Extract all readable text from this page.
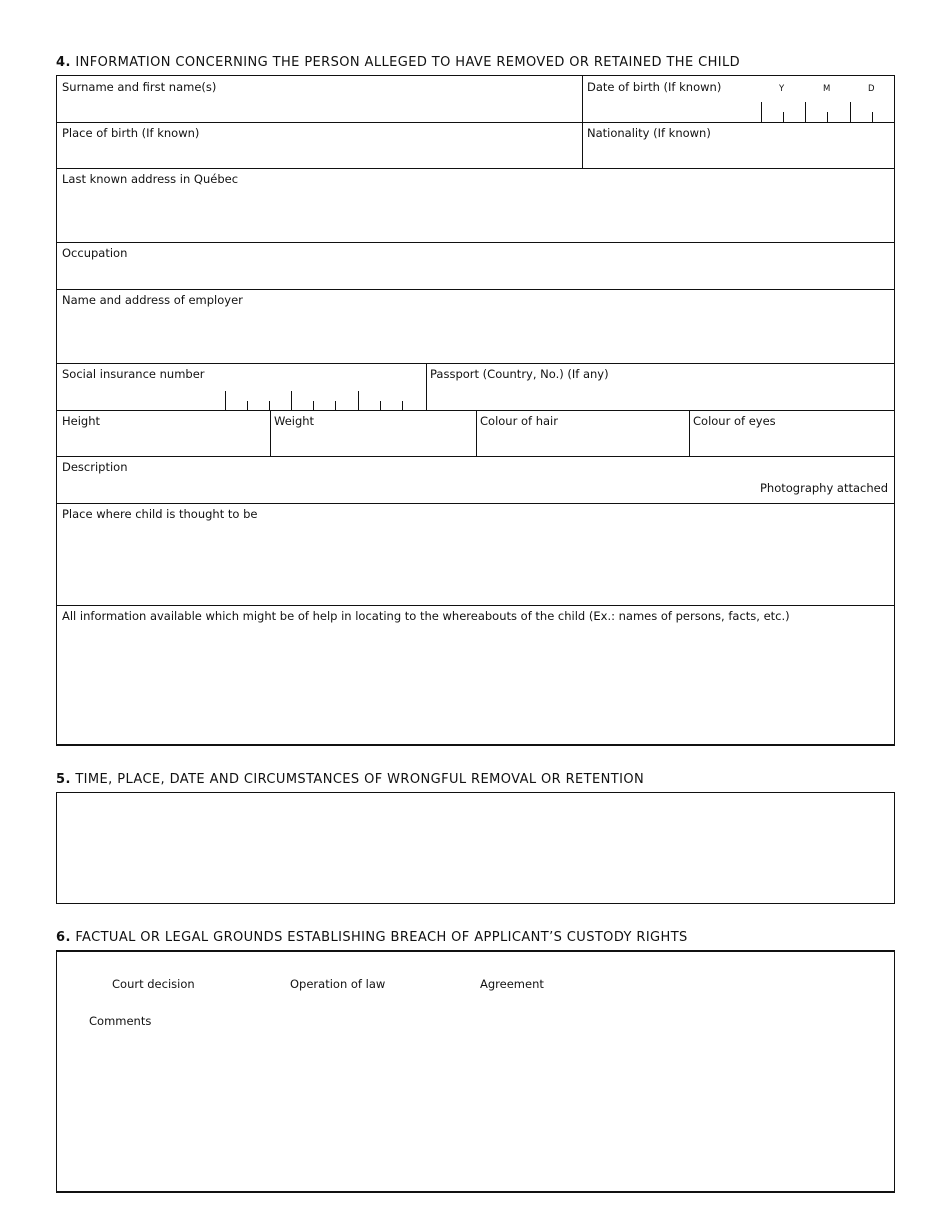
4. INFORMATION CONCERNING THE PERSON ALLEGED TO HAVE REMOVED OR RETAINED THE CHILD
Surname and first name(s)	Date of birth (If known)	Y	M	D
Place of birth (If known)	Nationality (If known)
Last known address in Québec
Occupation
Name and address of employer
Social insurance number	Passport (Country, No.) (If any)
Height	Weight	Colour of hair	Colour of eyes
Description
Photography attached
Place where child is thought to be
All information available which might be of help in locating to the whereabouts of the child (Ex.: names of persons, facts, etc.)
5. TIME, PLACE, DATE AND CIRCUMSTANCES OF WRONGFUL REMOVAL OR RETENTION
6. FACTUAL OR LEGAL GROUNDS ESTABLISHING BREACH OF APPLICANT’S CUSTODY RIGHTS
Court decision	Operation of law	Agreement
Comments
